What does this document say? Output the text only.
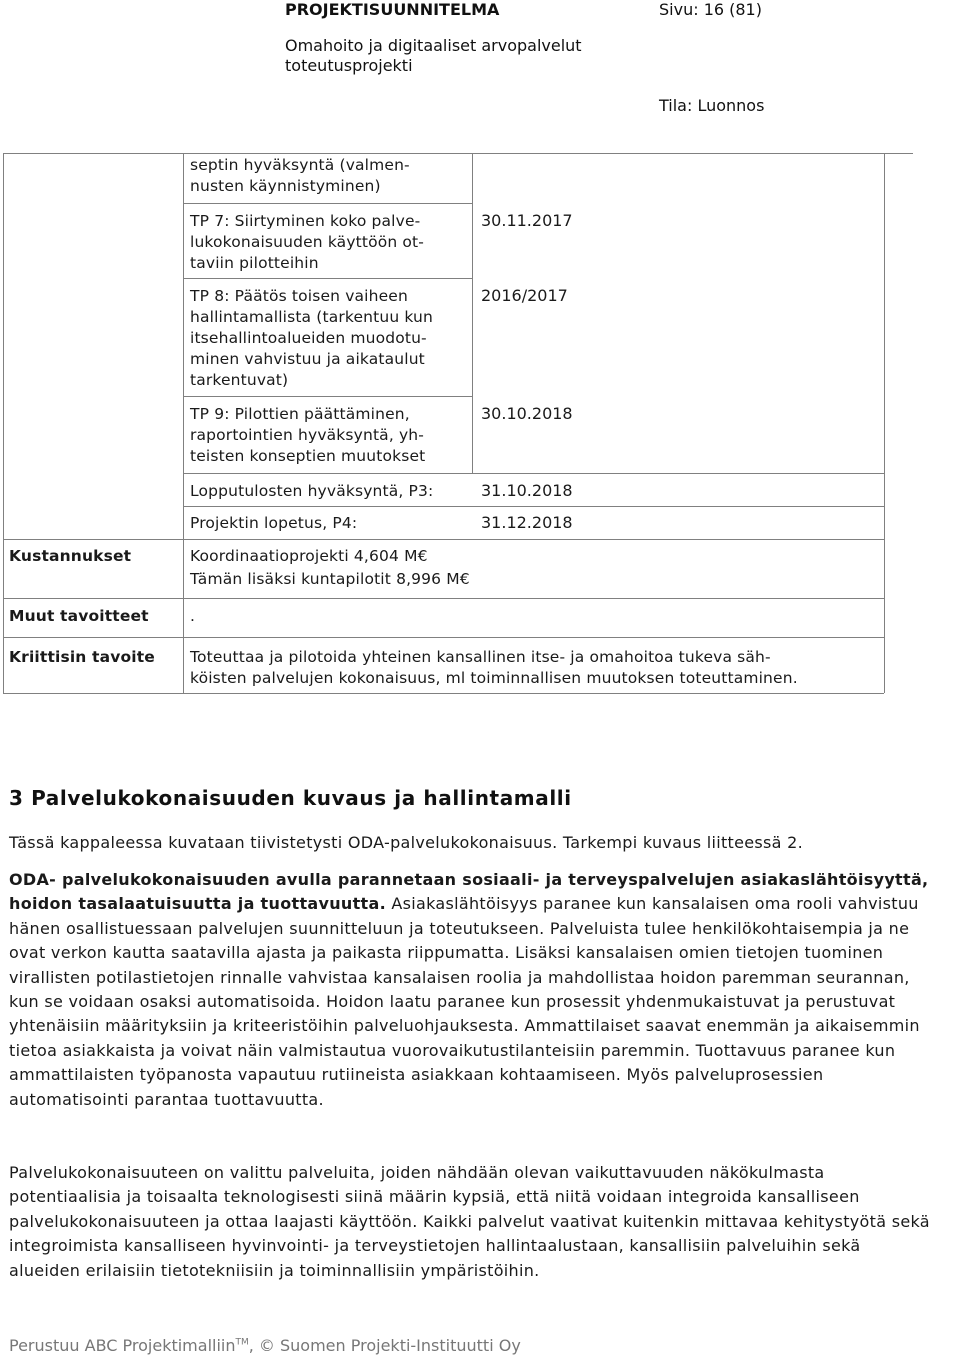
PROJEKTISUUNNITELMA	Sivu: 16 (81)
Omahoito ja digitaaliset arvopalvelut
toteutusprojekti
Tila: Luonnos
septin hyväksyntä (valmen-
nusten käynnistyminen)
TP 7: Siirtyminen koko palve-
lukokonaisuuden käyttöön ot-
taviin pilotteihin
30.11.2017
TP 8: Päätös toisen vaiheen
hallintamallista (tarkentuu kun
itsehallintoalueiden muodotu-
minen vahvistuu ja aikataulut
tarkentuvat)
2016/2017
TP 9: Pilottien päättäminen,
raportointien hyväksyntä, yh-
teisten konseptien muutokset
30.10.2018
Lopputulosten hyväksyntä, P3:	31.10.2018
Projektin lopetus, P4:	31.12.2018
Kustannukset	Koordinaatioprojekti 4,604 M€
Tämän lisäksi kuntapilotit 8,996 M€
Muut tavoitteet	.
Kriittisin tavoite Toteuttaa ja pilotoida yhteinen kansallinen itse- ja omahoitoa tukeva säh-
köisten palvelujen kokonaisuus, ml toiminnallisen muutoksen toteuttaminen.
3 Palvelukokonaisuuden kuvaus ja hallintamalli
Tässä kappaleessa kuvataan tiivistetysti ODA-palvelukokonaisuus. Tarkempi kuvaus liitteessä 2.
ODA- palvelukokonaisuuden avulla parannetaan sosiaali- ja terveyspalvelujen asiakaslähtöisyyttä, hoidon tasalaatuisuutta ja tuottavuutta. Asiakaslähtöisyys paranee kun kansalaisen oma rooli vahvistuu hänen osallistuessaan palvelujen suunnitteluun ja toteutukseen. Palveluista tulee henkilökohtaisempia ja ne ovat verkon kautta saatavilla ajasta ja paikasta riippumatta. Lisäksi kansalaisen omien tietojen tuominen virallisten potilastietojen rinnalle vahvistaa kansalaisen roolia ja mahdollistaa hoidon paremman seurannan, kun se voidaan osaksi automatisoida. Hoidon laatu paranee kun prosessit yhdenmukaistuvat ja perustuvat yhtenäisiin määrityksiin ja kriteeristöihin palveluohjauksesta. Ammattilaiset saavat enemmän ja aikaisemmin tietoa asiakkaista ja voivat näin valmistautua vuorovaikutustilanteisiin paremmin. Tuottavuus paranee kun ammattilaisten työpanosta vapautuu rutiineista asiakkaan kohtaamiseen. Myös palveluprosessien automatisointi parantaa tuottavuutta.
Palvelukokonaisuuteen on valittu palveluita, joiden nähdään olevan vaikuttavuuden näkökulmasta potentiaalisia ja toisaalta teknologisesti siinä määrin kypsiä, että niitä voidaan integroida kansalliseen palvelukokonaisuuteen ja ottaa laajasti käyttöön. Kaikki palvelut vaativat kuitenkin mittavaa kehitystyötä sekä integroimista kansalliseen hyvinvointi- ja terveystietojen hallintaalustaan, kansallisiin palveluihin sekä alueiden erilaisiin tietotekniisiin ja toiminnallisiin ympäristöihin.
Perustuu ABC Projektimalliin™, © Suomen Projekti-Instituutti Oy
